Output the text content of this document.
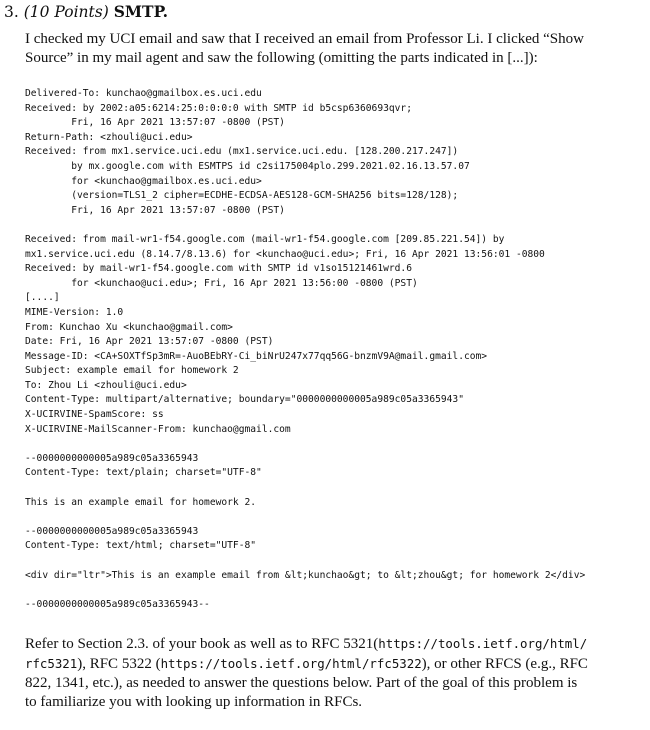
3. (10 Points) SMTP.
I checked my UCI email and saw that I received an email from Professor Li. I clicked “Show
Source” in my mail agent and saw the following (omitting the parts indicated in [...]):
Delivered-To: kunchao@gmailbox.es.uci.edu
Received: by 2002:a05:6214:25:0:0:0:0 with SMTP id b5csp6360693qvr;
Fri, 16 Apr 2021 13:57:07 -0800 (PST)
Return-Path: <zhouli@uci.edu>
Received: from mx1.service.uci.edu (mx1.service.uci.edu. [128.200.217.247])
by mx.google.com with ESMTPS id c2si175004plo.299.2021.02.16.13.57.07
for <kunchao@gmailbox.es.uci.edu>
(version=TLS1_2 cipher=ECDHE-ECDSA-AES128-GCM-SHA256 bits=128/128);
Fri, 16 Apr 2021 13:57:07 -0800 (PST)

Received: from mail-wr1-f54.google.com (mail-wr1-f54.google.com [209.85.221.54]) by
mx1.service.uci.edu (8.14.7/8.13.6) for <kunchao@uci.edu>; Fri, 16 Apr 2021 13:56:01 -0800
Received: by mail-wr1-f54.google.com with SMTP id v1so15121461wrd.6
for <kunchao@uci.edu>; Fri, 16 Apr 2021 13:56:00 -0800 (PST)
[....]
MIME-Version: 1.0
From: Kunchao Xu <kunchao@gmail.com>
Date: Fri, 16 Apr 2021 13:57:07 -0800 (PST)
Message-ID: <CA+SOXTfSp3mR=-AuoBEbRY-Ci_biNrU247x77qq56G-bnzmV9A@mail.gmail.com>
Subject: example email for homework 2
To: Zhou Li <zhouli@uci.edu>
Content-Type: multipart/alternative; boundary="0000000000005a989c05a3365943"
X-UCIRVINE-SpamScore: ss
X-UCIRVINE-MailScanner-From: kunchao@gmail.com

--0000000000005a989c05a3365943
Content-Type: text/plain; charset="UTF-8"

This is an example email for homework 2.

--0000000000005a989c05a3365943
Content-Type: text/html; charset="UTF-8"

<div dir="ltr">This is an example email from &lt;kunchao&gt; to &lt;zhou&gt; for homework 2</div>

--0000000000005a989c05a3365943--
Refer to Section 2.3. of your book as well as to RFC 5321(https://tools.ietf.org/html/
rfc5321), RFC 5322 (https://tools.ietf.org/html/rfc5322), or other RFCS (e.g., RFC
822, 1341, etc.), as needed to answer the questions below. Part of the goal of this problem is
to familiarize you with looking up information in RFCs.
